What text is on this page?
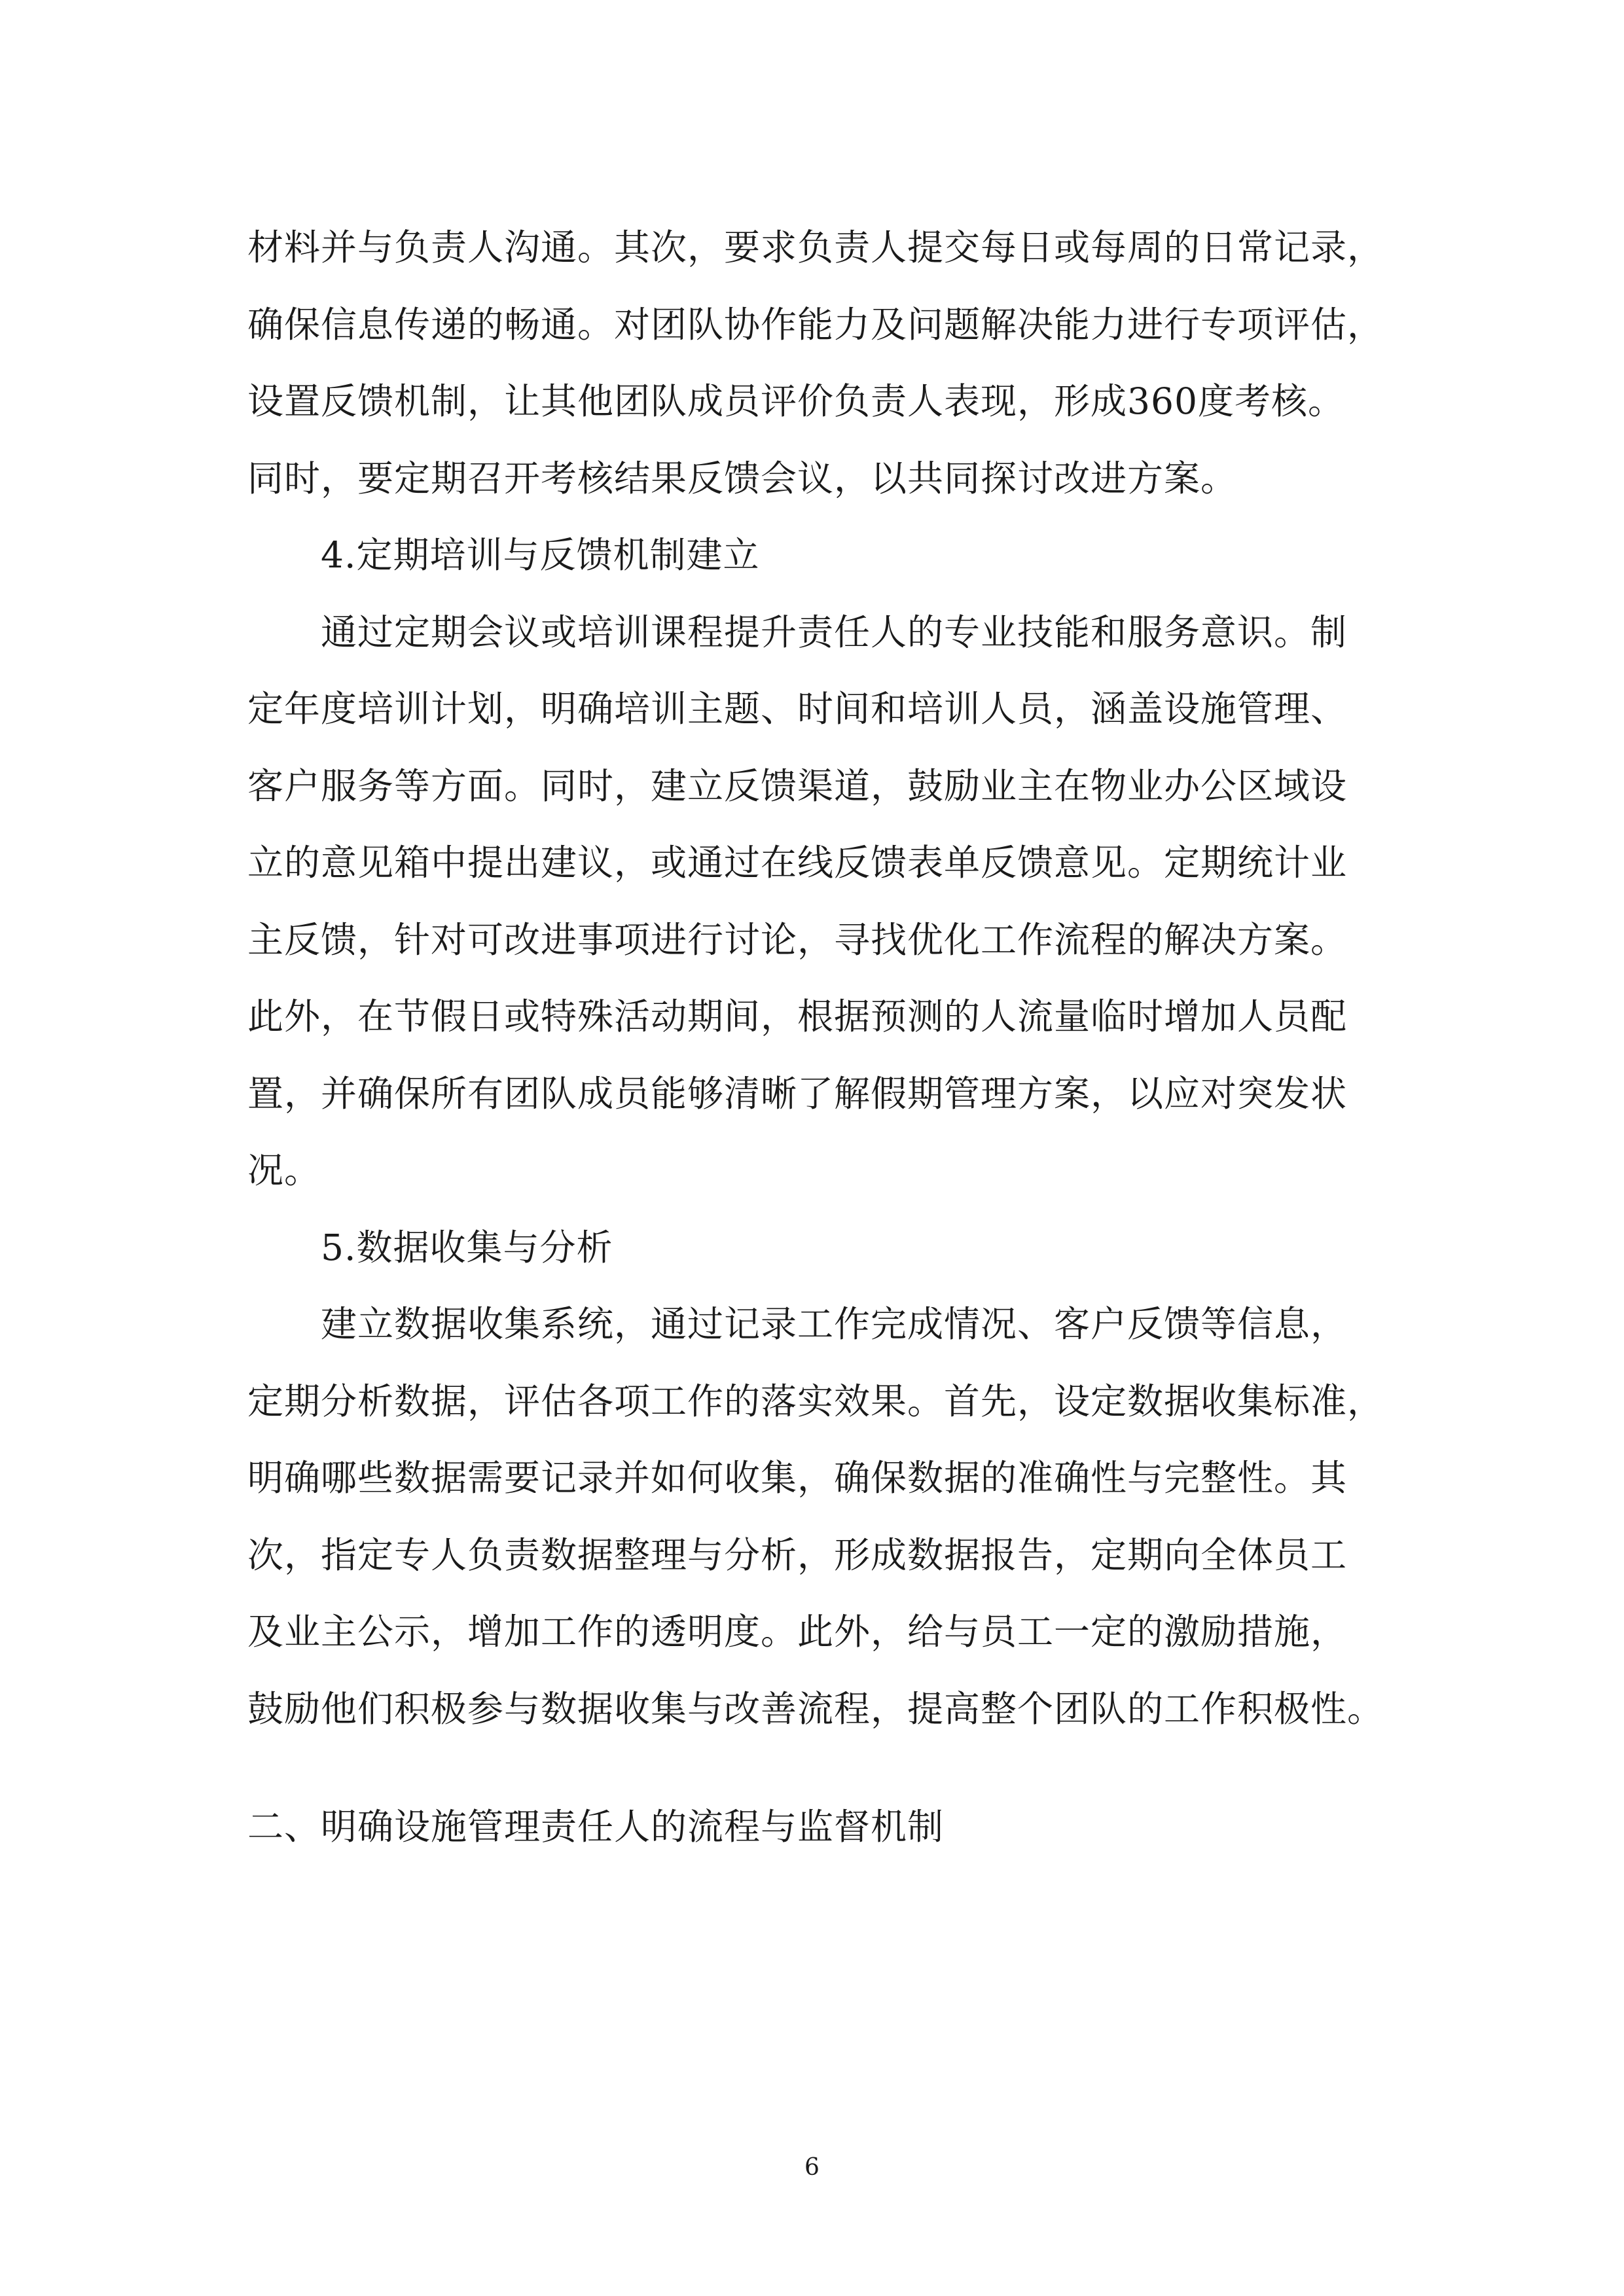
材料并与负责人沟通。其次，要求负责人提交每日或每周的日常记录，
确保信息传递的畅通。对团队协作能力及问题解决能力进行专项评估，
设置反馈机制，让其他团队成员评价负责人表现，形成360度考核。
同时，要定期召开考核结果反馈会议，以共同探讨改进方案。
4.定期培训与反馈机制建立
通过定期会议或培训课程提升责任人的专业技能和服务意识。制
定年度培训计划，明确培训主题、时间和培训人员，涵盖设施管理、
客户服务等方面。同时，建立反馈渠道，鼓励业主在物业办公区域设
立的意见箱中提出建议，或通过在线反馈表单反馈意见。定期统计业
主反馈，针对可改进事项进行讨论，寻找优化工作流程的解决方案。
此外，在节假日或特殊活动期间，根据预测的人流量临时增加人员配
置，并确保所有团队成员能够清晰了解假期管理方案，以应对突发状
况。
5.数据收集与分析
建立数据收集系统，通过记录工作完成情况、客户反馈等信息，
定期分析数据，评估各项工作的落实效果。首先，设定数据收集标准，
明确哪些数据需要记录并如何收集，确保数据的准确性与完整性。其
次，指定专人负责数据整理与分析，形成数据报告，定期向全体员工
及业主公示，增加工作的透明度。此外，给与员工一定的激励措施，
鼓励他们积极参与数据收集与改善流程，提高整个团队的工作积极性。
二、明确设施管理责任人的流程与监督机制
6
